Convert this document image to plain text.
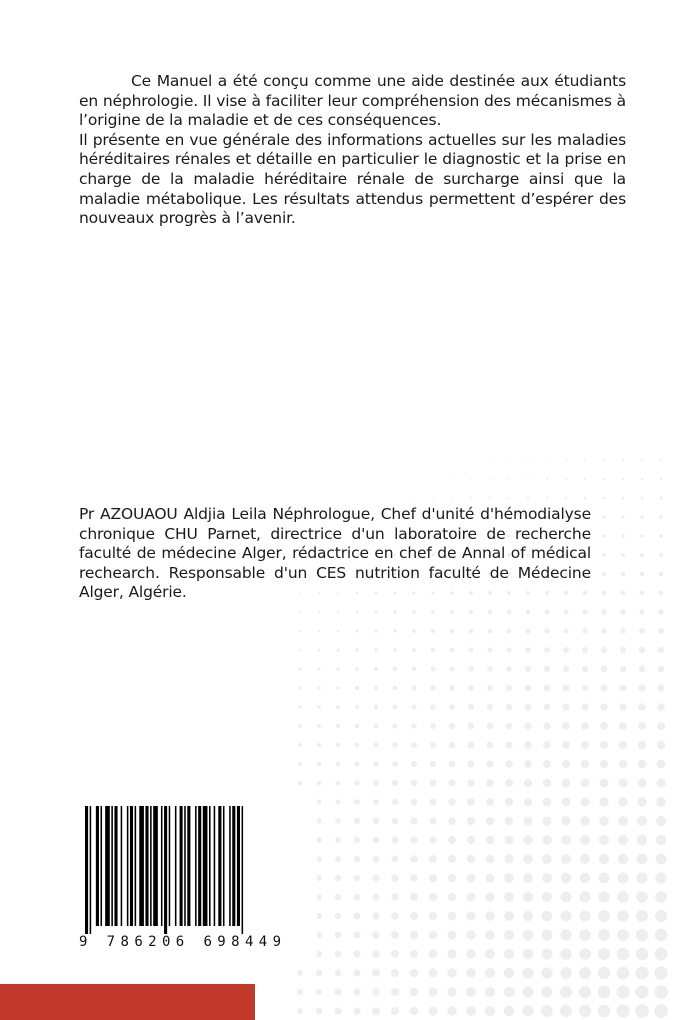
Ce Manuel a été conçu comme une aide destinée aux étudiants en néphrologie. Il vise à faciliter leur compréhension des mécanismes à l’origine de la maladie et de ces conséquences.

Il présente en vue générale des informations actuelles sur les maladies héréditaires rénales et détaille en particulier le diagnostic et la prise en charge de la maladie héréditaire rénale de surcharge ainsi que la maladie métabolique. Les résultats attendus permettent d’espérer des nouveaux progrès à l’avenir.

Pr AZOUAOU Aldjia Leila Néphrologue, Chef d'unité d'hémodialyse chronique CHU Parnet, directrice d'un laboratoire de recherche faculté de médecine Alger, rédactrice en chef de Annal of médical rechearch. Responsable d'un CES nutrition faculté de Médecine Alger, Algérie.

9 786206 698449
